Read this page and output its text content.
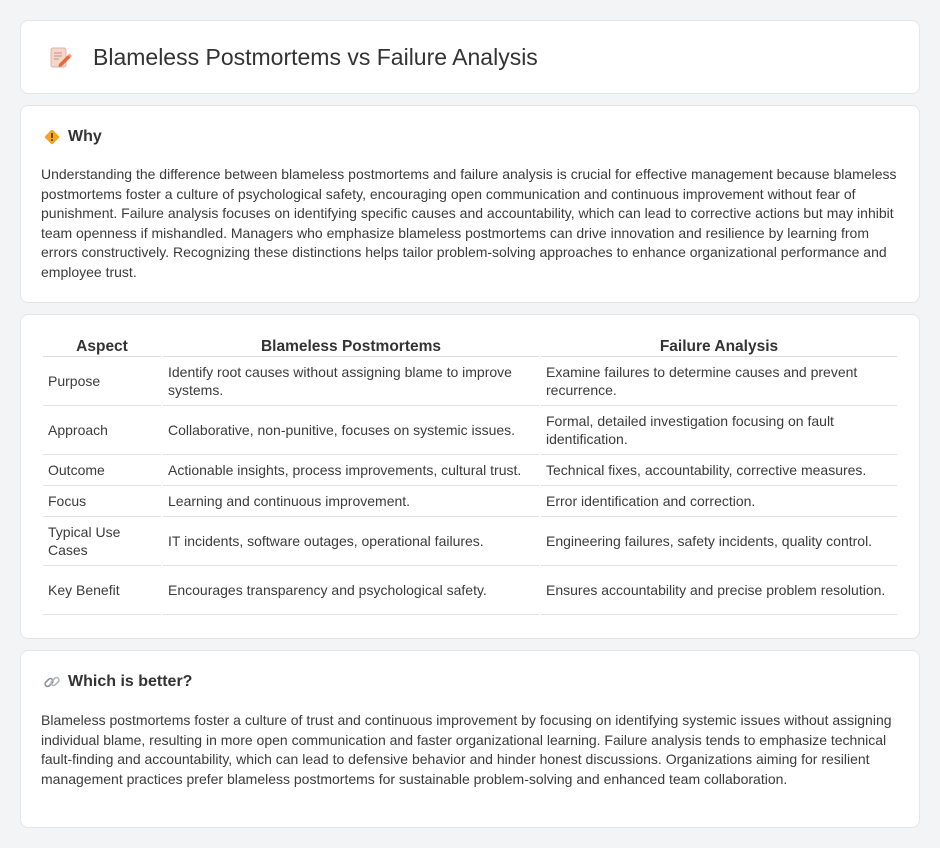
Blameless Postmortems vs Failure Analysis
Why

Understanding the difference between blameless postmortems and failure analysis is crucial for effective management because blameless postmortems foster a culture of psychological safety, encouraging open communication and continuous improvement without fear of punishment. Failure analysis focuses on identifying specific causes and accountability, which can lead to corrective actions but may inhibit team openness if mishandled. Managers who emphasize blameless postmortems can drive innovation and resilience by learning from errors constructively. Recognizing these distinctions helps tailor problem-solving approaches to enhance organizational performance and employee trust.

Aspect	Blameless Postmortems	Failure Analysis
Purpose	Identify root causes without assigning blame to improve systems.	Examine failures to determine causes and prevent recurrence.
Approach	Collaborative, non-punitive, focuses on systemic issues.	Formal, detailed investigation focusing on fault identification.
Outcome	Actionable insights, process improvements, cultural trust.	Technical fixes, accountability, corrective measures.
Focus	Learning and continuous improvement.	Error identification and correction.
Typical Use Cases	IT incidents, software outages, operational failures.	Engineering failures, safety incidents, quality control.
Key Benefit	Encourages transparency and psychological safety.	Ensures accountability and precise problem resolution.
Which is better?

Blameless postmortems foster a culture of trust and continuous improvement by focusing on identifying systemic issues without assigning individual blame, resulting in more open communication and faster organizational learning. Failure analysis tends to emphasize technical fault-finding and accountability, which can lead to defensive behavior and hinder honest discussions. Organizations aiming for resilient management practices prefer blameless postmortems for sustainable problem-solving and enhanced team collaboration.
